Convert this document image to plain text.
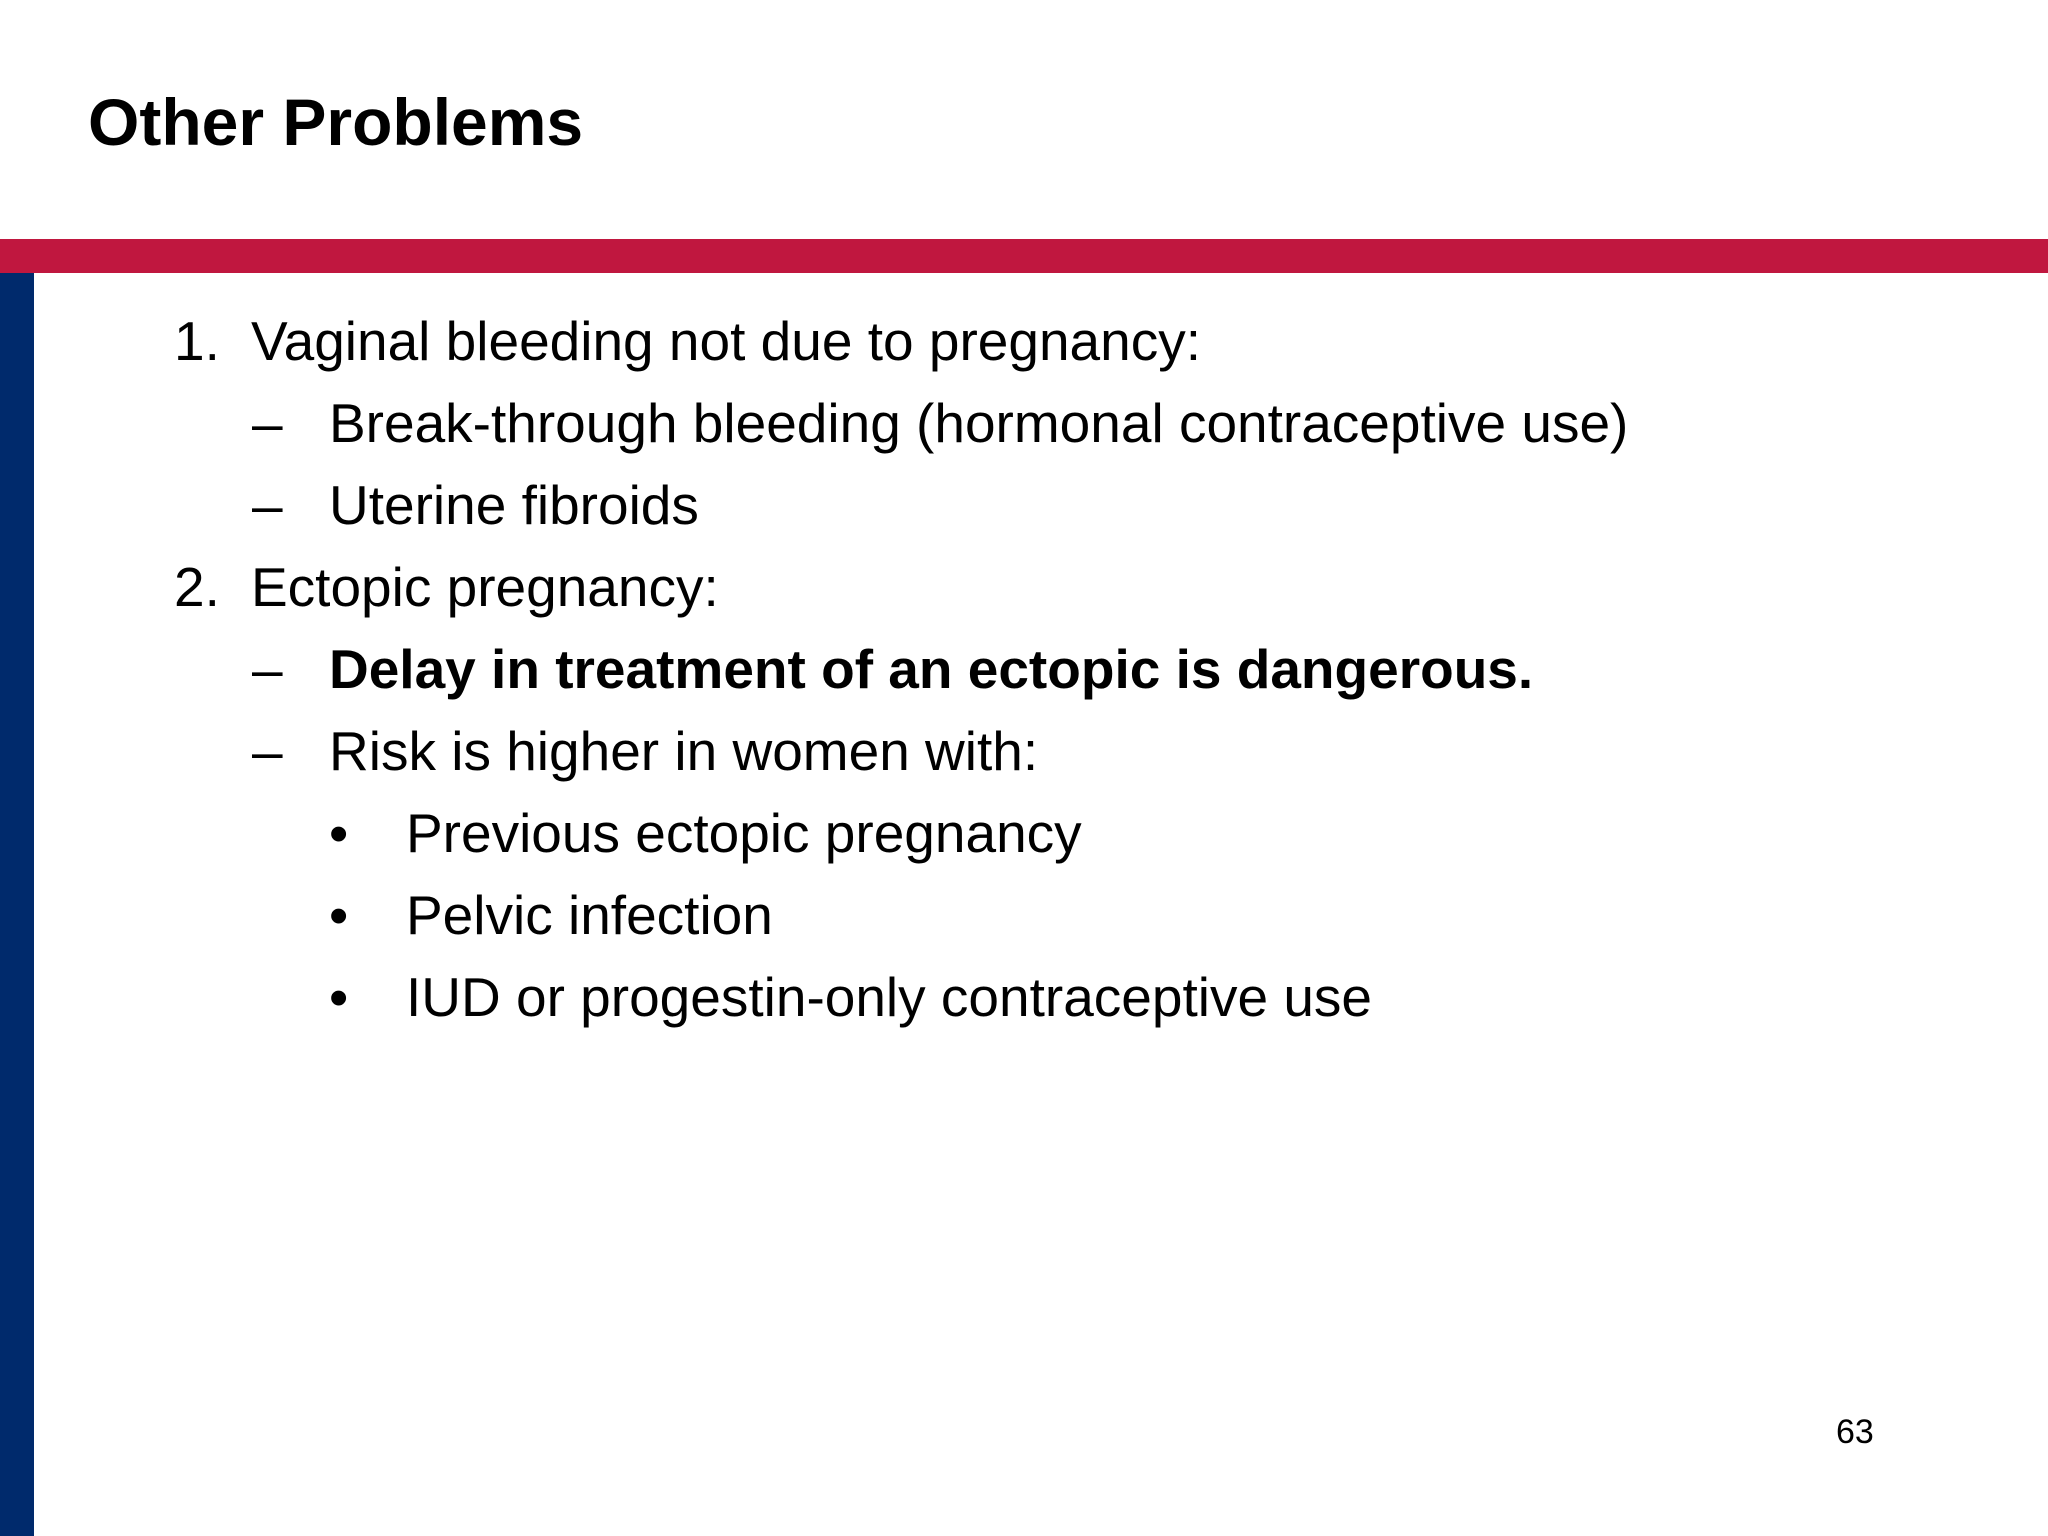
Other Problems
1. Vaginal bleeding not due to pregnancy:
– Break-through bleeding (hormonal contraceptive use)
– Uterine fibroids
2. Ectopic pregnancy:
– Delay in treatment of an ectopic is dangerous.
– Risk is higher in women with:
• Previous ectopic pregnancy
• Pelvic infection
• IUD or progestin-only contraceptive use
63
